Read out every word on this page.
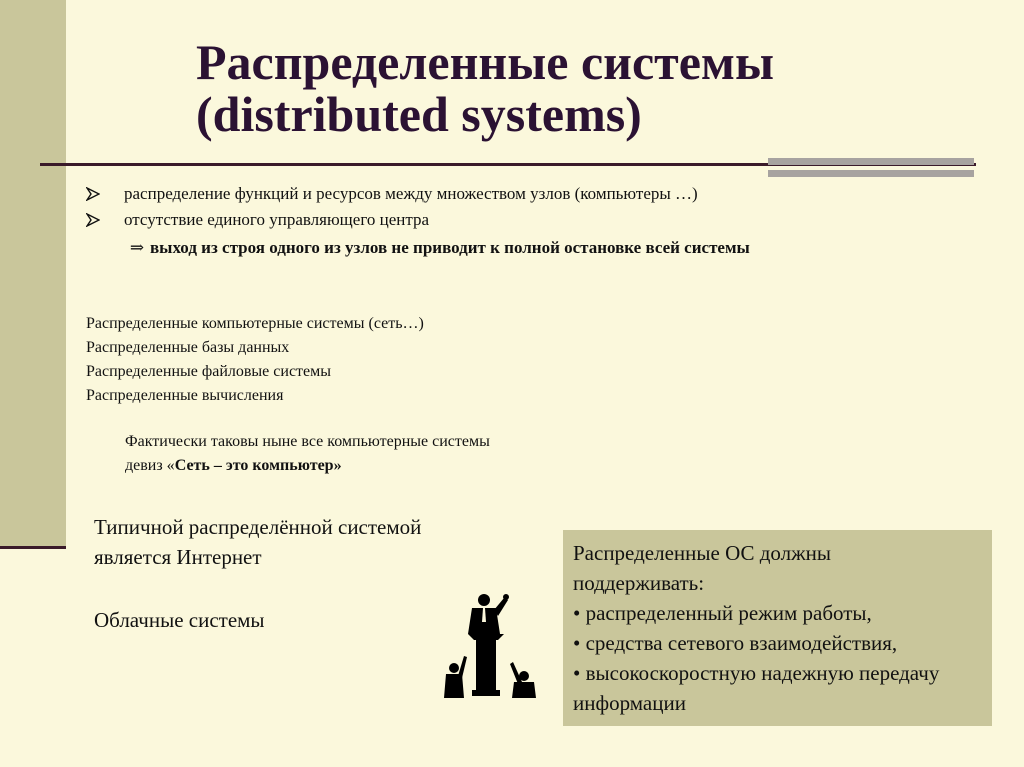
Распределенные системы
(distributed systems)
распределение функций и ресурсов между множеством узлов (компьютеры …)
отсутствие единого управляющего центра
⇒ выход из строя одного из узлов не приводит к полной остановке всей системы
Распределенные компьютерные системы (сеть…)
Распределенные базы данных
Распределенные файловые системы
Распределенные вычисления
Фактически таковы ныне все компьютерные системы
девиз «Сеть – это компьютер»
Типичной распределённой системой
является Интернет
Облачные системы
Распределенные ОС должны
поддерживать:
• распределенный режим работы,
• средства сетевого взаимодействия,
• высокоскоростную надежную передачу информации
